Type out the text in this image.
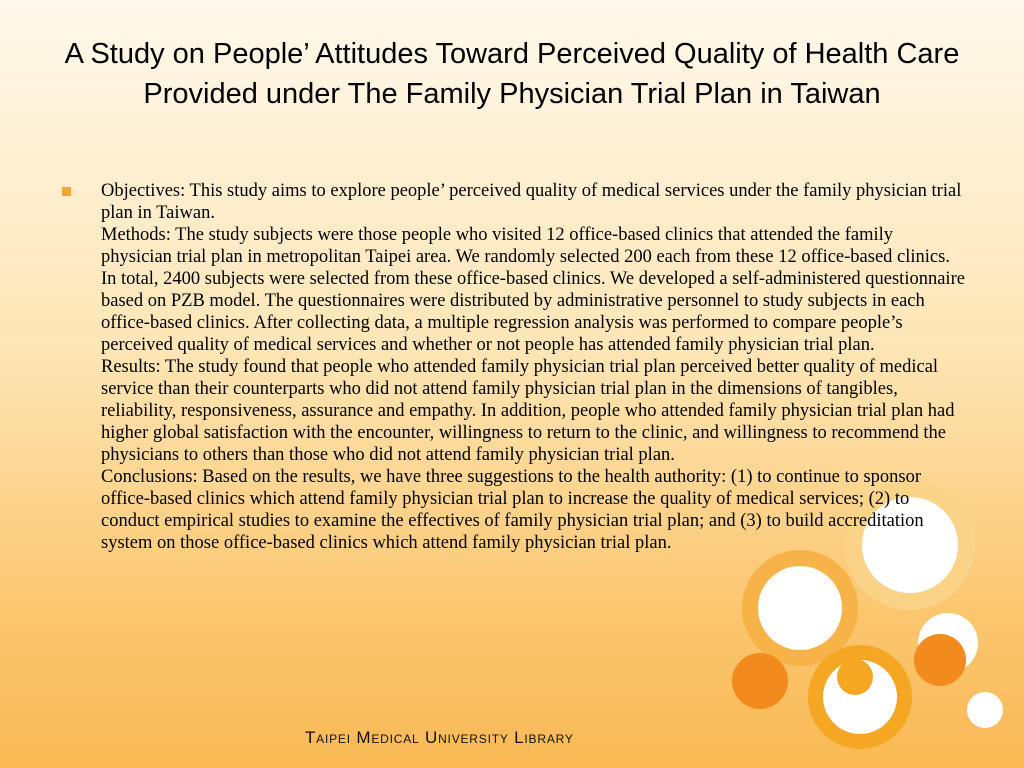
A Study on People’ Attitudes Toward Perceived Quality of Health Care Provided under The Family Physician Trial Plan in Taiwan

Objectives: This study aims to explore people’ perceived quality of medical services under the family physician trial plan in Taiwan.

Methods: The study subjects were those people who visited 12 office-based clinics that attended the family physician trial plan in metropolitan Taipei area. We randomly selected 200 each from these 12 office-based clinics. In total, 2400 subjects were selected from these office-based clinics. We developed a self-administered questionnaire based on PZB model. The questionnaires were distributed by administrative personnel to study subjects in each office-based clinics. After collecting data, a multiple regression analysis was performed to compare people’s perceived quality of medical services and whether or not people has attended family physician trial plan.

Results: The study found that people who attended family physician trial plan perceived better quality of medical service than their counterparts who did not attend family physician trial plan in the dimensions of tangibles, reliability, responsiveness, assurance and empathy. In addition, people who attended family physician trial plan had higher global satisfaction with the encounter, willingness to return to the clinic, and willingness to recommend the physicians to others than those who did not attend family physician trial plan.

Conclusions: Based on the results, we have three suggestions to the health authority: (1) to continue to sponsor office-based clinics which attend family physician trial plan to increase the quality of medical services; (2) to conduct empirical studies to examine the effectives of family physician trial plan; and (3) to build accreditation system on those office-based clinics which attend family physician trial plan.

Taipei Medical University Library
